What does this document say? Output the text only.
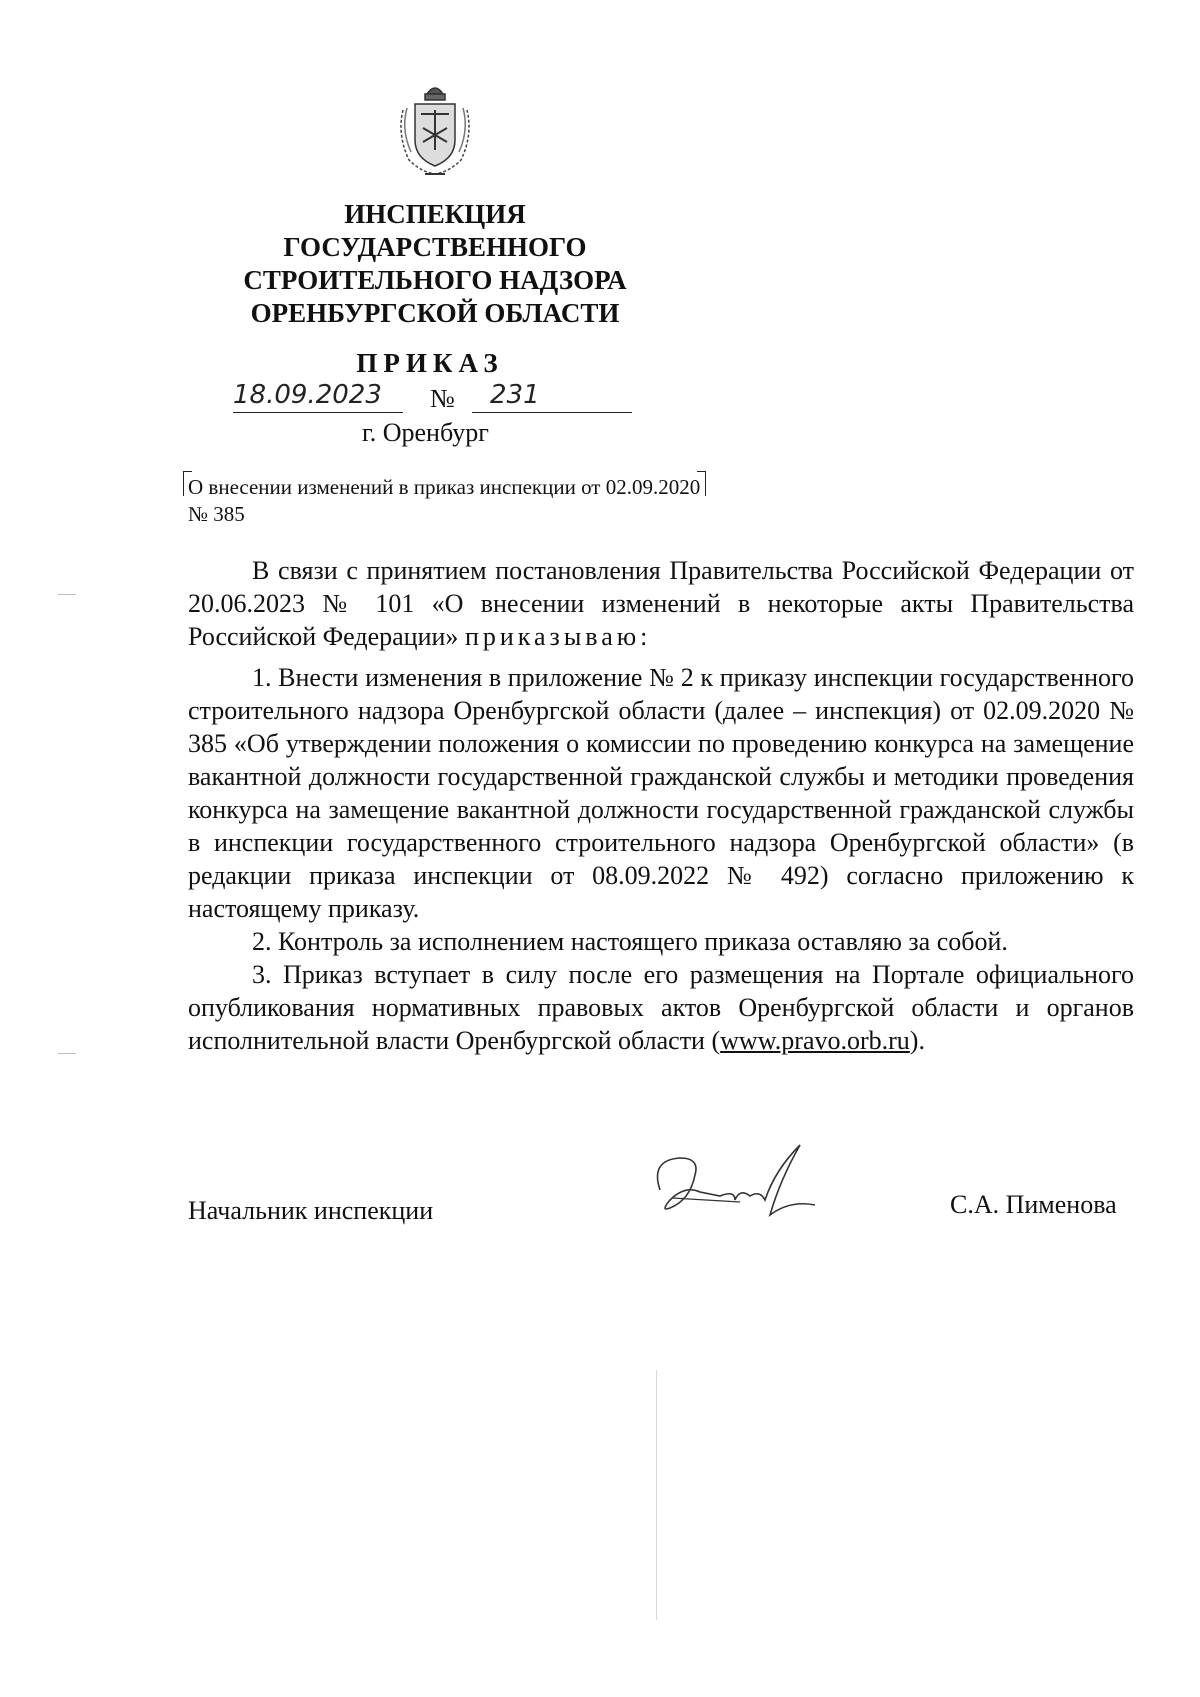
ИНСПЕКЦИЯ
ГОСУДАРСТВЕННОГО
СТРОИТЕЛЬНОГО НАДЗОРА
ОРЕНБУРГСКОЙ ОБЛАСТИ
ПРИКАЗ
18.09.2023 № 231
г. Оренбург
О внесении изменений в приказ инспекции от 02.09.2020 № 385

В связи с принятием постановления Правительства Российской Федерации от 20.06.2023 № 101 «О внесении изменений в некоторые акты Правительства Российской Федерации» приказываю:

1. Внести изменения в приложение № 2 к приказу инспекции государственного строительного надзора Оренбургской области (далее – инспекция) от 02.09.2020 № 385 «Об утверждении положения о комиссии по проведению конкурса на замещение вакантной должности государственной гражданской службы и методики проведения конкурса на замещение вакантной должности государственной гражданской службы в инспекции государственного строительного надзора Оренбургской области» (в редакции приказа инспекции от 08.09.2022 № 492) согласно приложению к настоящему приказу.

2. Контроль за исполнением настоящего приказа оставляю за собой.

3. Приказ вступает в силу после его размещения на Портале официального опубликования нормативных правовых актов Оренбургской области и органов исполнительной власти Оренбургской области (www.pravo.orb.ru).

Начальник инспекции	С.А. Пименова
